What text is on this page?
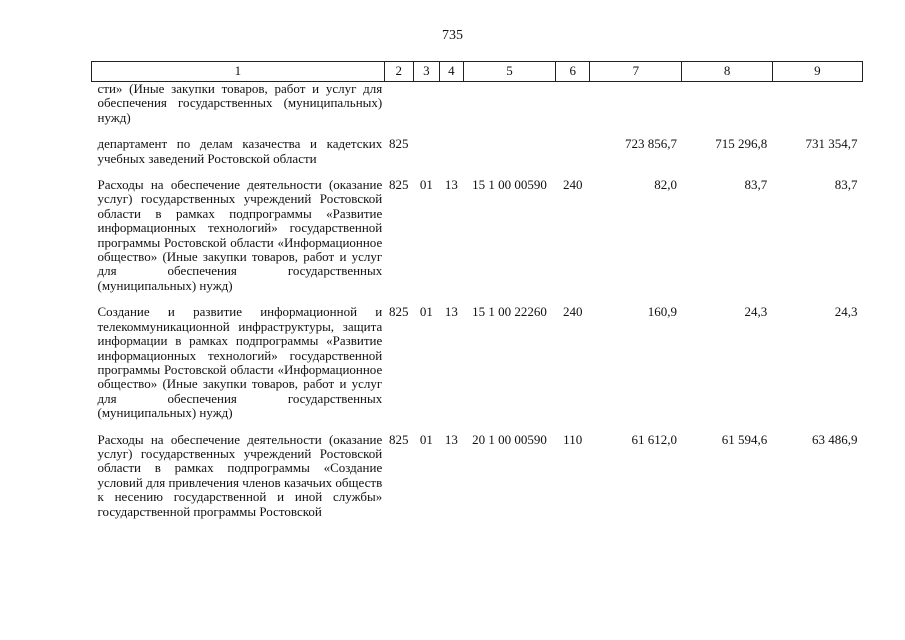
735
1	2	3	4	5	6	7	8	9
сти» (Иные закупки товаров, работ и услуг для обеспечения государственных (муниципальных) нужд)								
департамент по делам казачества и кадетских учебных заведений Ростовской области	825					723 856,7	715 296,8	731 354,7
Расходы на обеспечение деятельности (оказание услуг) государственных учреждений Ростовской области в рамках подпрограммы «Развитие информационных технологий» государственной программы Ростовской области «Информационное общество» (Иные закупки товаров, работ и услуг для обеспечения государственных (муниципальных) нужд)	825	01	13	15 1 00 00590	240	82,0	83,7	83,7
Создание и развитие информационной и телекоммуникационной инфраструктуры, защита информации в рамках подпрограммы «Развитие информационных технологий» государственной программы Ростовской области «Информационное общество» (Иные закупки товаров, работ и услуг для обеспечения государственных (муниципальных) нужд)	825	01	13	15 1 00 22260	240	160,9	24,3	24,3
Расходы на обеспечение деятельности (оказание услуг) государственных учреждений Ростовской области в рамках подпрограммы «Создание условий для привлечения членов казачьих обществ к несению государственной и иной службы» государственной программы Ростовской	825	01	13	20 1 00 00590	110	61 612,0	61 594,6	63 486,9
